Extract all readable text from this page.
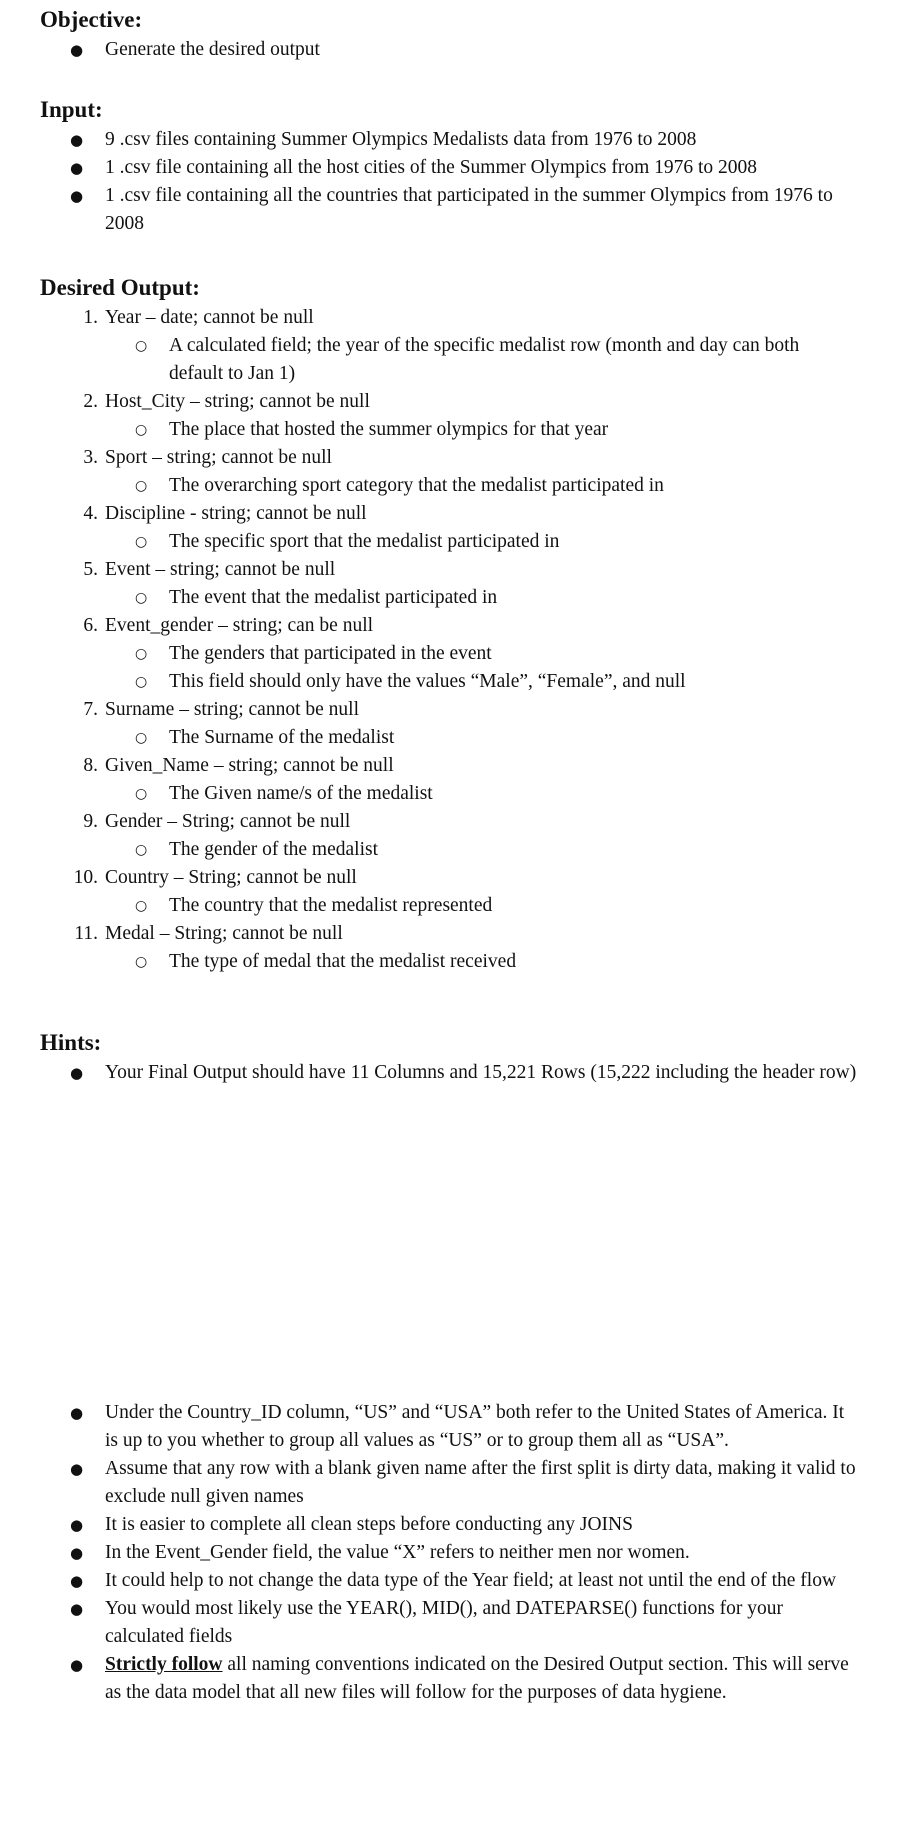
Objective:
● Generate the desired output
Input:
● 9 .csv files containing Summer Olympics Medalists data from 1976 to 2008
● 1 .csv file containing all the host cities of the Summer Olympics from 1976 to 2008
● 1 .csv file containing all the countries that participated in the summer Olympics from 1976 to 2008
Desired Output:
1. Year – date; cannot be null
○ A calculated field; the year of the specific medalist row (month and day can both default to Jan 1)
2. Host_City – string; cannot be null
○ The place that hosted the summer olympics for that year
3. Sport – string; cannot be null
○ The overarching sport category that the medalist participated in
4. Discipline - string; cannot be null
○ The specific sport that the medalist participated in
5. Event – string; cannot be null
○ The event that the medalist participated in
6. Event_gender – string; can be null
○ The genders that participated in the event
○ This field should only have the values “Male”, “Female”, and null
7. Surname – string; cannot be null
○ The Surname of the medalist
8. Given_Name – string; cannot be null
○ The Given name/s of the medalist
9. Gender – String; cannot be null
○ The gender of the medalist
10. Country – String; cannot be null
○ The country that the medalist represented
11. Medal – String; cannot be null
○ The type of medal that the medalist received
Hints:
● Your Final Output should have 11 Columns and 15,221 Rows (15,222 including the header row)
● Under the Country_ID column, “US” and “USA” both refer to the United States of America. It is up to you whether to group all values as “US” or to group them all as “USA”.
● Assume that any row with a blank given name after the first split is dirty data, making it valid to exclude null given names
● It is easier to complete all clean steps before conducting any JOINS
● In the Event_Gender field, the value “X” refers to neither men nor women.
● It could help to not change the data type of the Year field; at least not until the end of the flow
● You would most likely use the YEAR(), MID(), and DATEPARSE() functions for your calculated fields
● Strictly follow all naming conventions indicated on the Desired Output section. This will serve as the data model that all new files will follow for the purposes of data hygiene.
